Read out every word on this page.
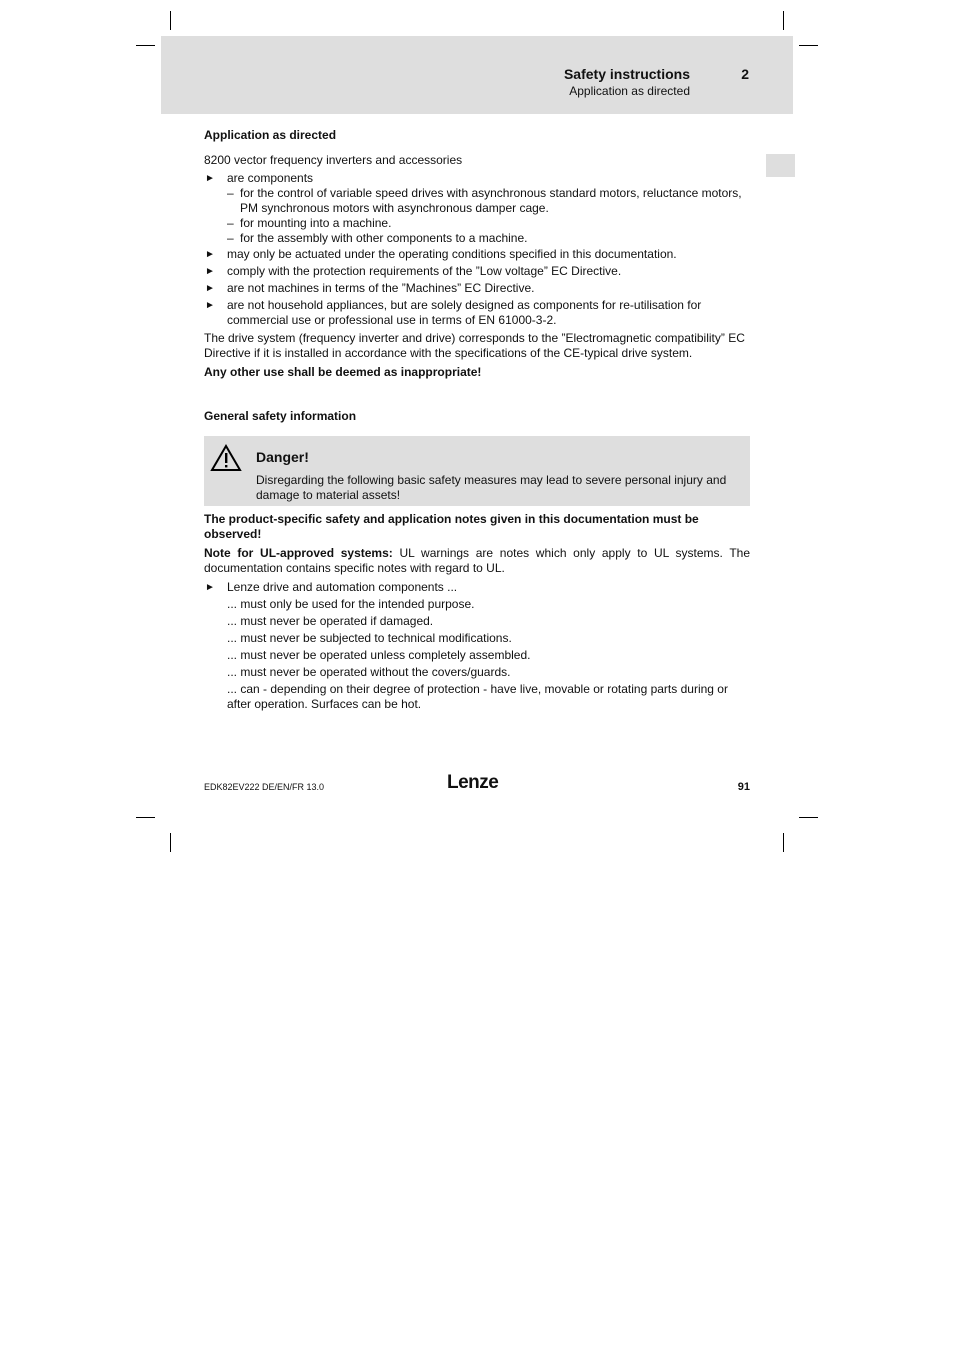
Safety instructions	2
Application as directed

Application as directed

8200 vector frequency inverters and accessories

► are components
– for the control of variable speed drives with asynchronous standard motors, reluctance motors, PM synchronous motors with asynchronous damper cage.
– for mounting into a machine.
– for the assembly with other components to a machine.
► may only be actuated under the operating conditions specified in this documentation.
► comply with the protection requirements of the ”Low voltage” EC Directive.
► are not machines in terms of the ”Machines” EC Directive.
► are not household appliances, but are solely designed as components for re-utilisation for commercial use or professional use in terms of EN 61000-3-2.

The drive system (frequency inverter and drive) corresponds to the ”Electromagnetic compatibility” EC Directive if it is installed in accordance with the specifications of the CE-typical drive system.

Any other use shall be deemed as inappropriate!

General safety information

Danger!
Disregarding the following basic safety measures may lead to severe personal injury and damage to material assets!

The product-specific safety and application notes given in this documentation must be observed!

Note for UL-approved systems: UL warnings are notes which only apply to UL systems. The documentation contains specific notes with regard to UL.

► Lenze drive and automation components ...
... must only be used for the intended purpose.
... must never be operated if damaged.
... must never be subjected to technical modifications.
... must never be operated unless completely assembled.
... must never be operated without the covers/guards.
... can - depending on their degree of protection - have live, movable or rotating parts during or after operation. Surfaces can be hot.
EDK82EV222 DE/EN/FR 13.0	Lenze	91
